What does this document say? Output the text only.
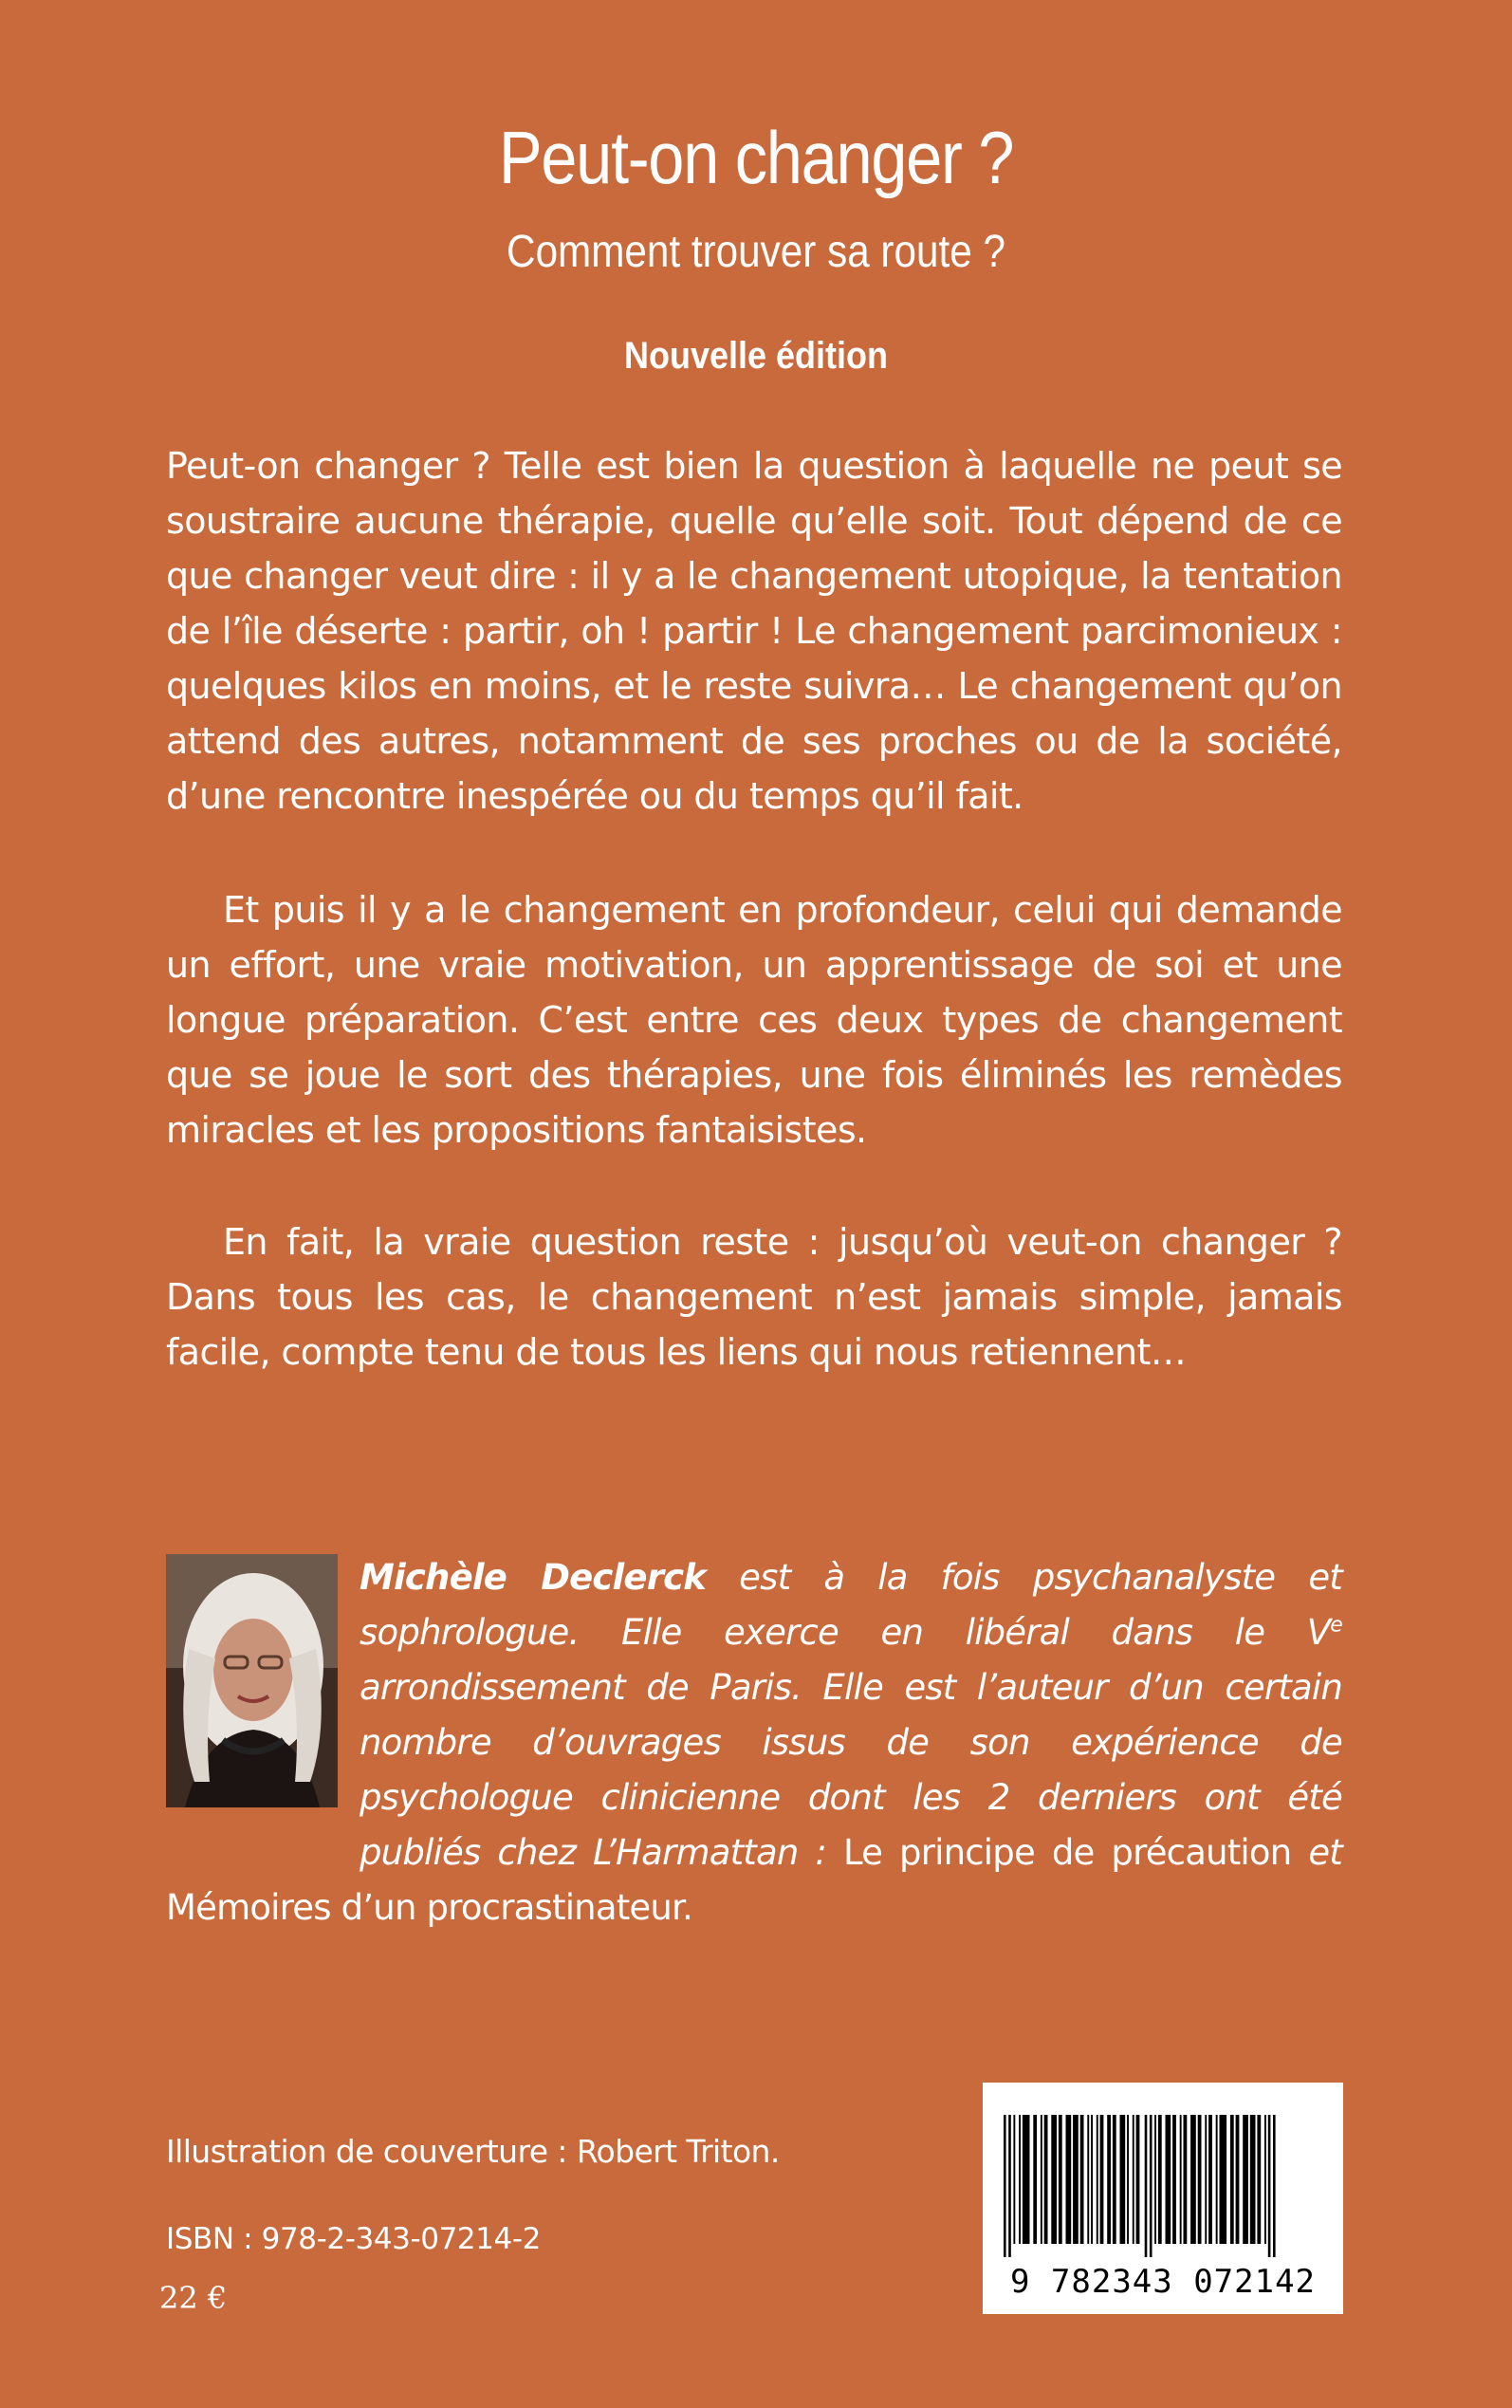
Peut-on changer ?
Comment trouver sa route ?
Nouvelle édition
Peut-on changer ? Telle est bien la question à laquelle ne peut se soustraire aucune thérapie, quelle qu’elle soit. Tout dépend de ce que changer veut dire : il y a le changement utopique, la tentation de l’île déserte : partir, oh ! partir ! Le changement parcimonieux : quelques kilos en moins, et le reste suivra… Le changement qu’on attend des autres, notamment de ses proches ou de la société, d’une rencontre inespérée ou du temps qu’il fait.
Et puis il y a le changement en profondeur, celui qui demande un effort, une vraie motivation, un apprentissage de soi et une longue préparation. C’est entre ces deux types de changement que se joue le sort des thérapies, une fois éliminés les remèdes miracles et les propositions fantaisistes.
En fait, la vraie question reste : jusqu’où veut-on changer ? Dans tous les cas, le changement n’est jamais simple, jamais facile, compte tenu de tous les liens qui nous retiennent…
Michèle Declerck est à la fois psychanalyste et sophrologue. Elle exerce en libéral dans le Ve arrondissement de Paris. Elle est l’auteur d’un certain nombre d’ouvrages issus de son expérience de psychologue clinicienne dont les 2 derniers ont été publiés chez L’Harmattan : Le principe de précaution et Mémoires d’un procrastinateur.
Illustration de couverture : Robert Triton.
ISBN : 978-2-343-07214-2
22 €	9 782343 072142
